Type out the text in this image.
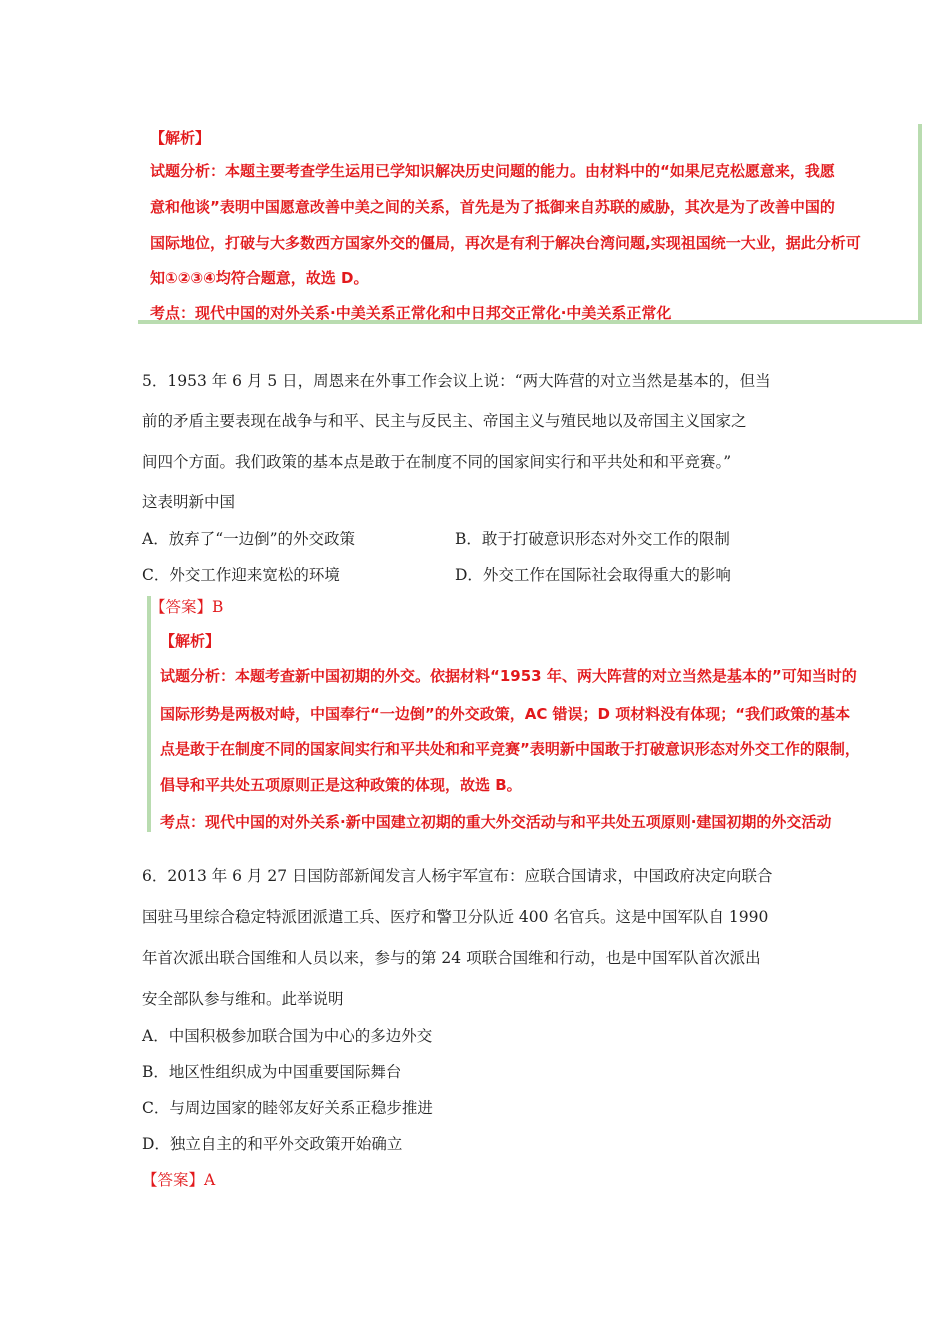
【解析】
试题分析：本题主要考查学生运用已学知识解决历史问题的能力。由材料中的“如果尼克松愿意来，我愿
意和他谈”表明中国愿意改善中美之间的关系，首先是为了抵御来自苏联的威胁，其次是为了改善中国的
国际地位，打破与大多数西方国家外交的僵局，再次是有利于解决台湾问题,实现祖国统一大业，据此分析可
知①②③④均符合题意，故选 D。
考点：现代中国的对外关系·中美关系正常化和中日邦交正常化·中美关系正常化
5．1953 年 6 月 5 日，周恩来在外事工作会议上说：“两大阵营的对立当然是基本的，但当
前的矛盾主要表现在战争与和平、民主与反民主、帝国主义与殖民地以及帝国主义国家之
间四个方面。我们政策的基本点是敢于在制度不同的国家间实行和平共处和和平竞赛。”
这表明新中国
A．放弃了“一边倒”的外交政策	B．敢于打破意识形态对外交工作的限制
C．外交工作迎来宽松的环境	D．外交工作在国际社会取得重大的影响
【答案】B
【解析】
试题分析：本题考查新中国初期的外交。依据材料“1953 年、两大阵营的对立当然是基本的”可知当时的
国际形势是两极对峙，中国奉行“一边倒”的外交政策，AC 错误；D 项材料没有体现；“我们政策的基本
点是敢于在制度不同的国家间实行和平共处和和平竞赛”表明新中国敢于打破意识形态对外交工作的限制，
倡导和平共处五项原则正是这种政策的体现，故选 B。
考点：现代中国的对外关系·新中国建立初期的重大外交活动与和平共处五项原则·建国初期的外交活动
6．2013 年 6 月 27 日国防部新闻发言人杨宇军宣布：应联合国请求，中国政府决定向联合
国驻马里综合稳定特派团派遣工兵、医疗和警卫分队近 400 名官兵。这是中国军队自 1990
年首次派出联合国维和人员以来，参与的第 24 项联合国维和行动，也是中国军队首次派出
安全部队参与维和。此举说明
A．中国积极参加联合国为中心的多边外交
B．地区性组织成为中国重要国际舞台
C．与周边国家的睦邻友好关系正稳步推进
D．独立自主的和平外交政策开始确立
【答案】A
